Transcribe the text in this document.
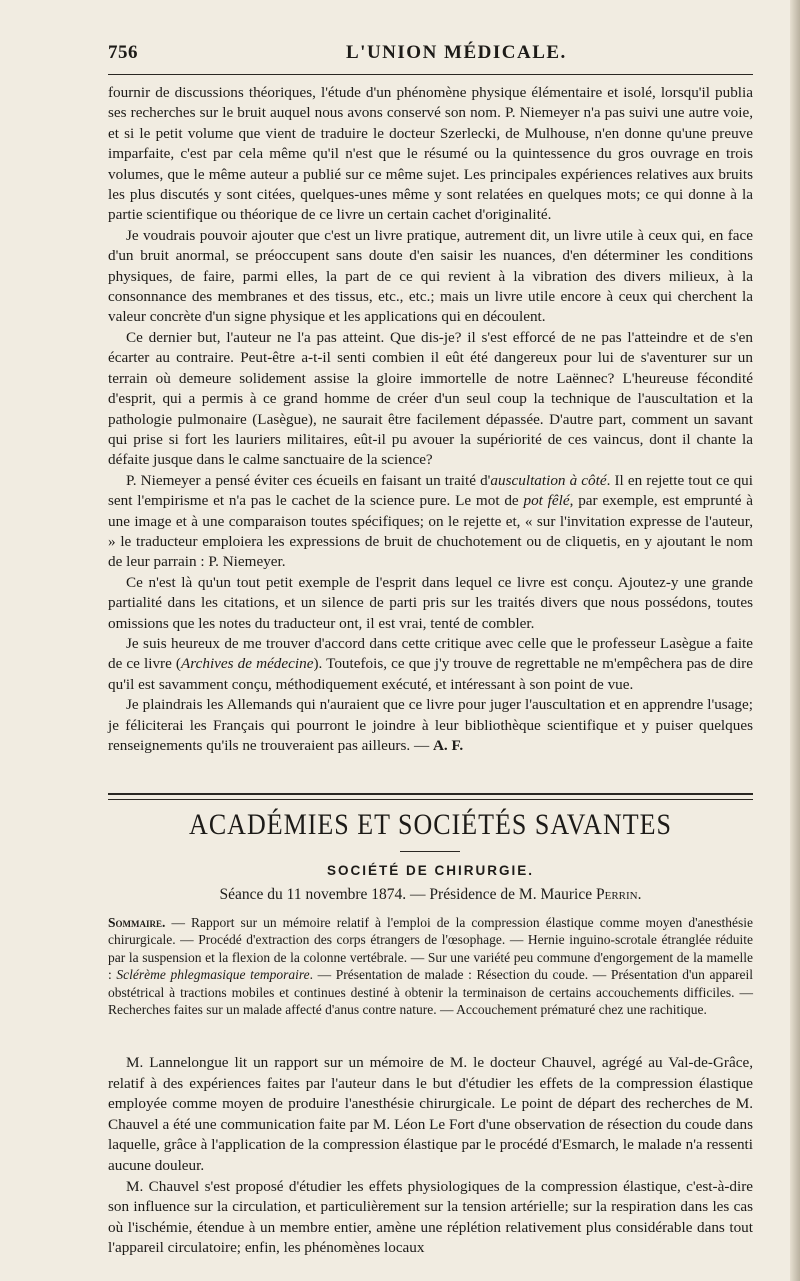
756	L'UNION MÉDICALE.

fournir de discussions théoriques, l'étude d'un phénomène physique élémentaire et isolé, lorsqu'il publia ses recherches sur le bruit auquel nous avons conservé son nom. P. Niemeyer n'a pas suivi une autre voie, et si le petit volume que vient de traduire le docteur Szerlecki, de Mulhouse, n'en donne qu'une preuve imparfaite, c'est par cela même qu'il n'est que le résumé ou la quintessence du gros ouvrage en trois volumes, que le même auteur a publié sur ce même sujet. Les principales expériences relatives aux bruits les plus discutés y sont citées, quelques-unes même y sont relatées en quelques mots; ce qui donne à la partie scientifique ou théorique de ce livre un certain cachet d'originalité.

Je voudrais pouvoir ajouter que c'est un livre pratique, autrement dit, un livre utile à ceux qui, en face d'un bruit anormal, se préoccupent sans doute d'en saisir les nuances, d'en déterminer les conditions physiques, de faire, parmi elles, la part de ce qui revient à la vibration des divers milieux, à la consonnance des membranes et des tissus, etc., etc.; mais un livre utile encore à ceux qui cherchent la valeur concrète d'un signe physique et les applications qui en découlent.

Ce dernier but, l'auteur ne l'a pas atteint. Que dis-je? il s'est efforcé de ne pas l'atteindre et de s'en écarter au contraire. Peut-être a-t-il senti combien il eût été dangereux pour lui de s'aventurer sur un terrain où demeure solidement assise la gloire immortelle de notre Laënnec? L'heureuse fécondité d'esprit, qui a permis à ce grand homme de créer d'un seul coup la technique de l'auscultation et la pathologie pulmonaire (Lasègue), ne saurait être facilement dépassée. D'autre part, comment un savant qui prise si fort les lauriers militaires, eût-il pu avouer la supériorité de ces vaincus, dont il chante la défaite jusque dans le calme sanctuaire de la science?

P. Niemeyer a pensé éviter ces écueils en faisant un traité d'auscultation à côté. Il en rejette tout ce qui sent l'empirisme et n'a pas le cachet de la science pure. Le mot de pot fêlé, par exemple, est emprunté à une image et à une comparaison toutes spécifiques; on le rejette et, « sur l'invitation expresse de l'auteur, » le traducteur emploiera les expressions de bruit de chuchotement ou de cliquetis, en y ajoutant le nom de leur parrain : P. Niemeyer.

Ce n'est là qu'un tout petit exemple de l'esprit dans lequel ce livre est conçu. Ajoutez-y une grande partialité dans les citations, et un silence de parti pris sur les traités divers que nous possédons, toutes omissions que les notes du traducteur ont, il est vrai, tenté de combler.

Je suis heureux de me trouver d'accord dans cette critique avec celle que le professeur Lasègue a faite de ce livre (Archives de médecine). Toutefois, ce que j'y trouve de regrettable ne m'empêchera pas de dire qu'il est savamment conçu, méthodiquement exécuté, et intéressant à son point de vue.

Je plaindrais les Allemands qui n'auraient que ce livre pour juger l'auscultation et en apprendre l'usage; je féliciterai les Français qui pourront le joindre à leur bibliothèque scientifique et y puiser quelques renseignements qu'ils ne trouveraient pas ailleurs. — A. F.

ACADÉMIES ET SOCIÉTÉS SAVANTES
SOCIÉTÉ DE CHIRURGIE.
Séance du 11 novembre 1874. — Présidence de M. Maurice Perrin.

Sommaire. — Rapport sur un mémoire relatif à l'emploi de la compression élastique comme moyen d'anesthésie chirurgicale. — Procédé d'extraction des corps étrangers de l'œsophage. — Hernie inguino-scrotale étranglée réduite par la suspension et la flexion de la colonne vertébrale. — Sur une variété peu commune d'engorgement de la mamelle : Sclérème phlegmasique temporaire. — Présentation de malade : Résection du coude. — Présentation d'un appareil obstétrical à tractions mobiles et continues destiné à obtenir la terminaison de certains accouchements difficiles. — Recherches faites sur un malade affecté d'anus contre nature. — Accouchement prématuré chez une rachitique.

M. Lannelongue lit un rapport sur un mémoire de M. le docteur Chauvel, agrégé au Val-de-Grâce, relatif à des expériences faites par l'auteur dans le but d'étudier les effets de la compression élastique employée comme moyen de produire l'anesthésie chirurgicale. Le point de départ des recherches de M. Chauvel a été une communication faite par M. Léon Le Fort d'une observation de résection du coude dans laquelle, grâce à l'application de la compression élastique par le procédé d'Esmarch, le malade n'a ressenti aucune douleur.

M. Chauvel s'est proposé d'étudier les effets physiologiques de la compression élastique, c'est-à-dire son influence sur la circulation, et particulièrement sur la tension artérielle; sur la respiration dans les cas où l'ischémie, étendue à un membre entier, amène une réplétion relativement plus considérable dans tout l'appareil circulatoire; enfin, les phénomènes locaux
